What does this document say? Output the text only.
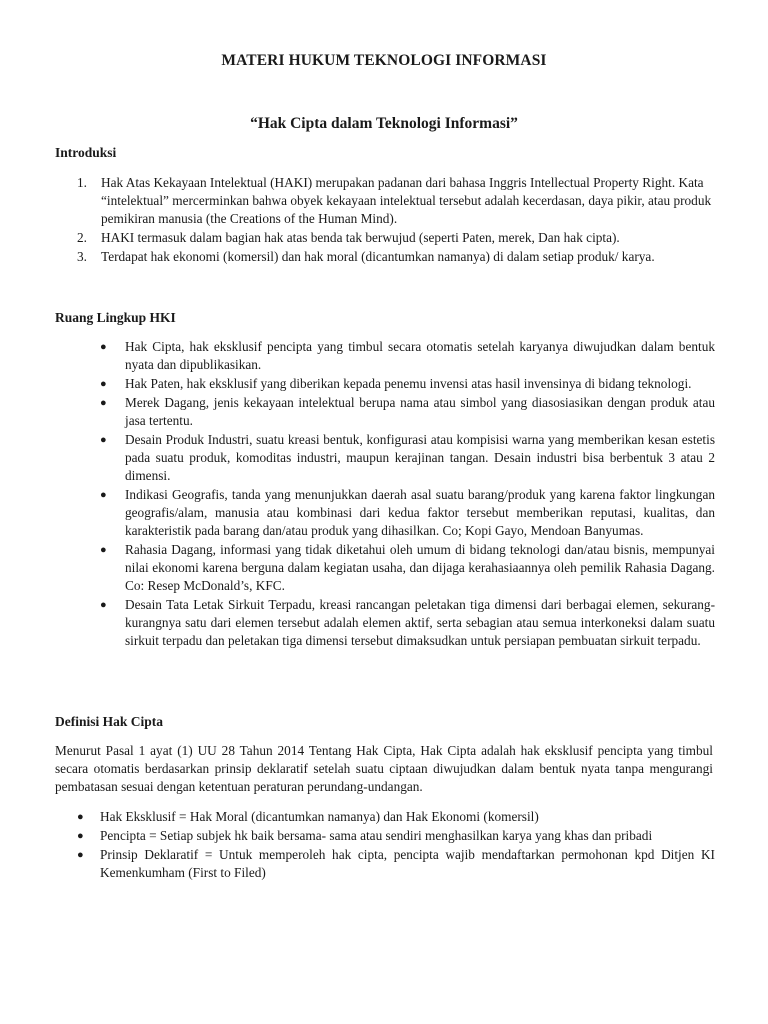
MATERI HUKUM TEKNOLOGI INFORMASI
“Hak Cipta dalam Teknologi Informasi”
Introduksi
1. Hak Atas Kekayaan Intelektual (HAKI) merupakan padanan dari bahasa Inggris Intellectual Property Right. Kata “intelektual” mercerminkan bahwa obyek kekayaan intelektual tersebut adalah kecerdasan, daya pikir, atau produk pemikiran manusia (the Creations of the Human Mind).
2. HAKI termasuk dalam bagian hak atas benda tak berwujud (seperti Paten, merek, Dan hak cipta).
3. Terdapat hak ekonomi (komersil) dan hak moral (dicantumkan namanya) di dalam setiap produk/ karya.
Ruang Lingkup HKI
● Hak Cipta, hak eksklusif pencipta yang timbul secara otomatis setelah karyanya diwujudkan dalam bentuk nyata dan dipublikasikan.
● Hak Paten, hak eksklusif yang diberikan kepada penemu invensi atas hasil invensinya di bidang teknologi.
● Merek Dagang, jenis kekayaan intelektual berupa nama atau simbol yang diasosiasikan dengan produk atau jasa tertentu.
● Desain Produk Industri, suatu kreasi bentuk, konfigurasi atau kompisisi warna yang memberikan kesan estetis pada suatu produk, komoditas industri, maupun kerajinan tangan. Desain industri bisa berbentuk 3 atau 2 dimensi.
● Indikasi Geografis, tanda yang menunjukkan daerah asal suatu barang/produk yang karena faktor lingkungan geografis/alam, manusia atau kombinasi dari kedua faktor tersebut memberikan reputasi, kualitas, dan karakteristik pada barang dan/atau produk yang dihasilkan. Co; Kopi Gayo, Mendoan Banyumas.
● Rahasia Dagang, informasi yang tidak diketahui oleh umum di bidang teknologi dan/atau bisnis, mempunyai nilai ekonomi karena berguna dalam kegiatan usaha, dan dijaga kerahasiaannya oleh pemilik Rahasia Dagang. Co: Resep McDonald’s, KFC.
● Desain Tata Letak Sirkuit Terpadu, kreasi rancangan peletakan tiga dimensi dari berbagai elemen, sekurang-kurangnya satu dari elemen tersebut adalah elemen aktif, serta sebagian atau semua interkoneksi dalam suatu sirkuit terpadu dan peletakan tiga dimensi tersebut dimaksudkan untuk persiapan pembuatan sirkuit terpadu.
Definisi Hak Cipta

Menurut Pasal 1 ayat (1) UU 28 Tahun 2014 Tentang Hak Cipta, Hak Cipta adalah hak eksklusif pencipta yang timbul secara otomatis berdasarkan prinsip deklaratif setelah suatu ciptaan diwujudkan dalam bentuk nyata tanpa mengurangi pembatasan sesuai dengan ketentuan peraturan perundang-undangan.

● Hak Eksklusif = Hak Moral (dicantumkan namanya) dan Hak Ekonomi (komersil)
● Pencipta = Setiap subjek hk baik bersama- sama atau sendiri menghasilkan karya yang khas dan pribadi
● Prinsip Deklaratif = Untuk memperoleh hak cipta, pencipta wajib mendaftarkan permohonan kpd Ditjen KI Kemenkumham (First to Filed)
